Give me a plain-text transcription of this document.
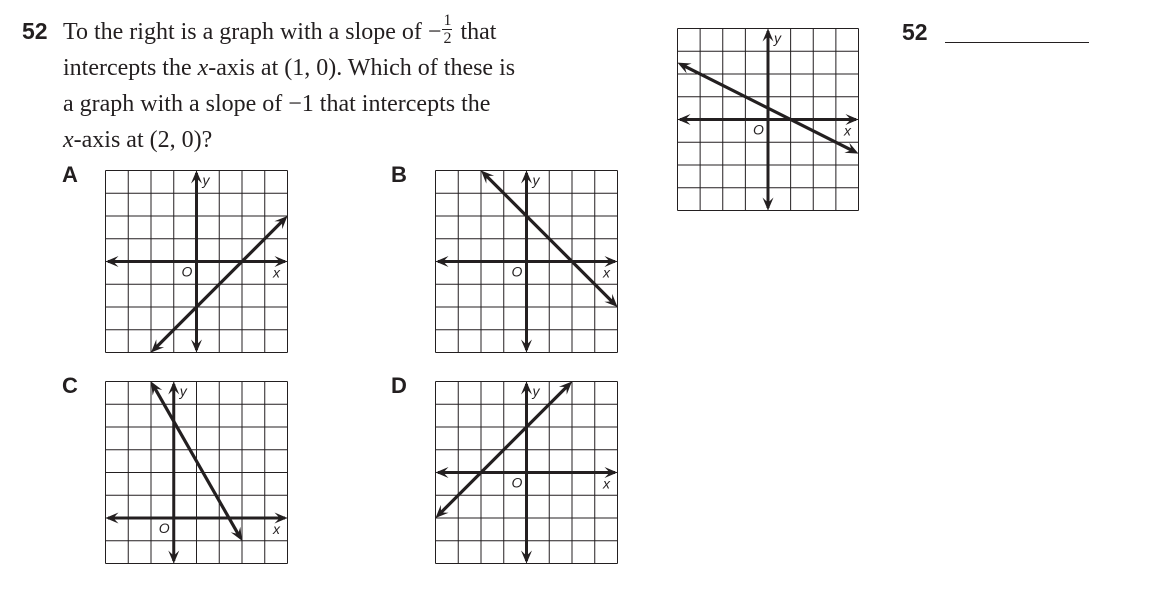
52 To the right is a graph with a slope of − $\frac{1}{2}$ that
intercepts the x-axis at (1, 0). Which of these is
a graph with a slope of −1 that intercepts the
x-axis at (2, 0)?
52
y
x
O
A	y
x
O
B	y
x
O
C	y
x
O
D	y
x
O
